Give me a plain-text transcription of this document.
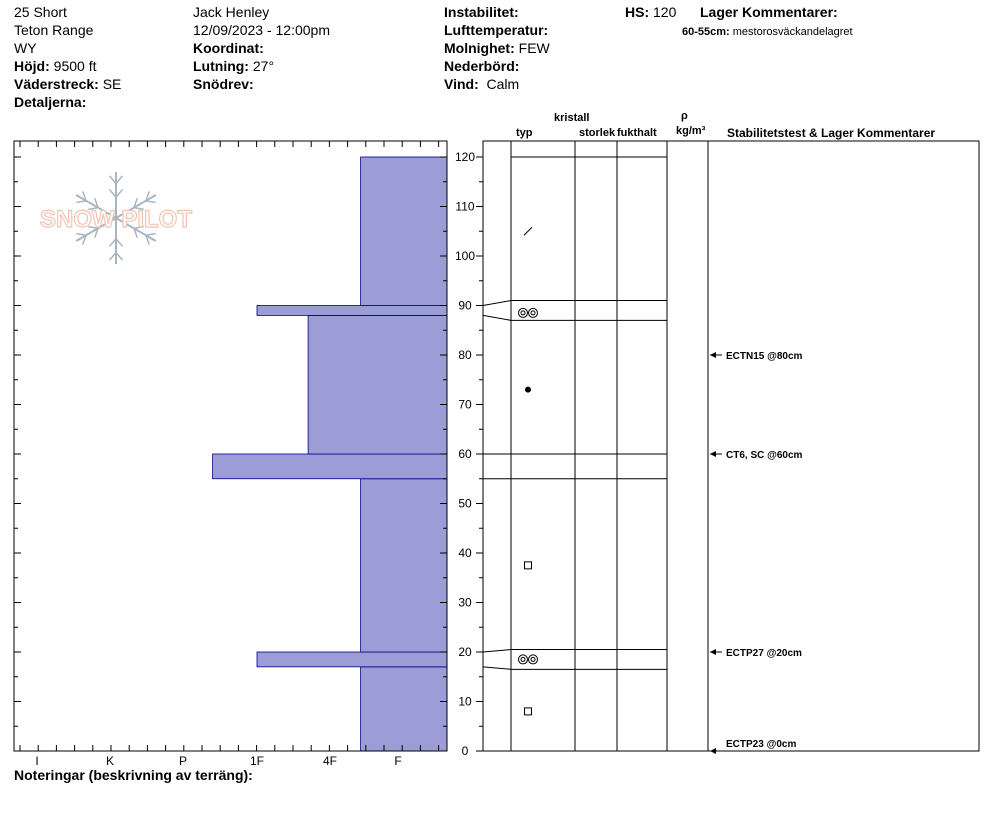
25 Short
Teton Range
WY
Höjd: 9500 ft
Väderstreck: SE
Detaljerna:
Jack Henley
12/09/2023 - 12:00pm
Koordinat:
Lutning: 27°
Snödrev:
Instabilitet:
Lufttemperatur:
Molnighet: FEW
Nederbörd:
Vind: Calm
HS: 120 Lager Kommentarer:
60-55cm: mestorosväckandelagret
kristall
typ	storlek fukthalt
ρ
kg/m³ Stabilitetstest & Lager Kommentarer
Noteringar (beskrivning av terräng):
SNOW PILOT
0
10
20
30
40
50
60
70
80
90
100
110
120
I	K	P	1F	4F	F
ECTN15 @80cm
CT6, SC @60cm
ECTP27 @20cm
ECTP23 @0cm
